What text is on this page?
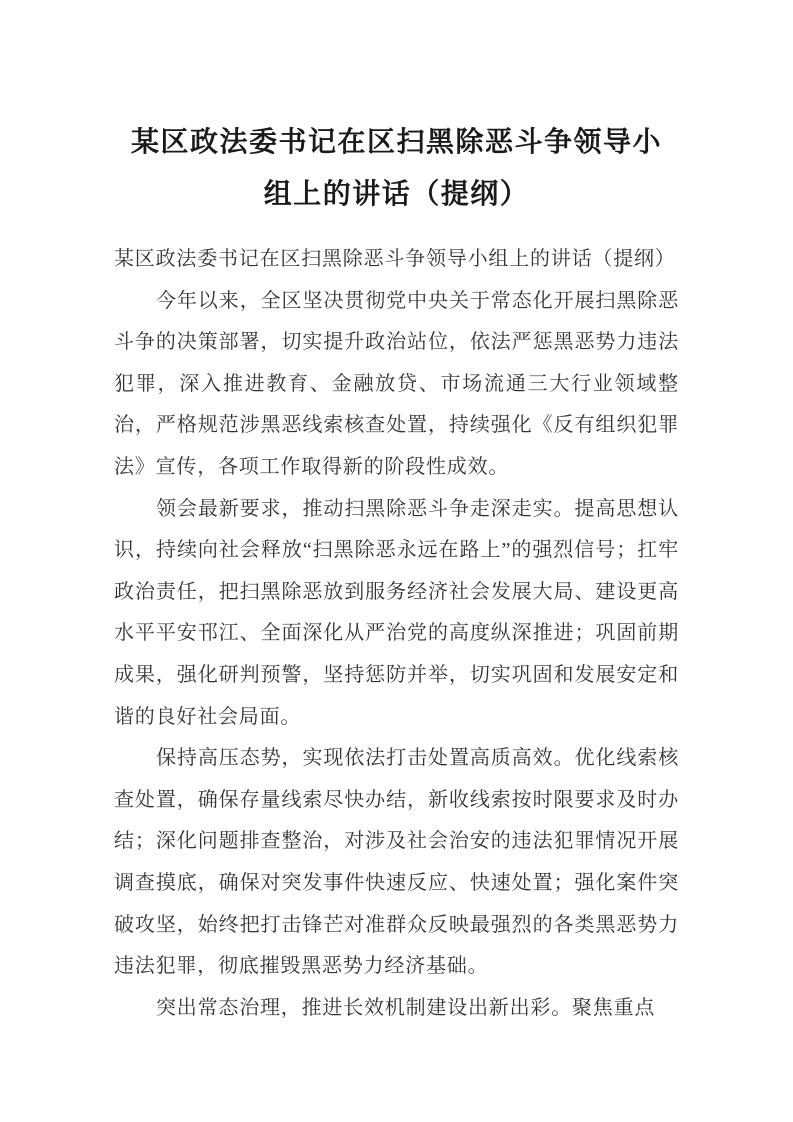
某区政法委书记在区扫黑除恶斗争领导小
组上的讲话（提纲）

某区政法委书记在区扫黑除恶斗争领导小组上的讲话（提纲）

今年以来，全区坚决贯彻党中央关于常态化开展扫黑除恶斗争的决策部署，切实提升政治站位，依法严惩黑恶势力违法犯罪，深入推进教育、金融放贷、市场流通三大行业领域整治，严格规范涉黑恶线索核查处置，持续强化《反有组织犯罪法》宣传，各项工作取得新的阶段性成效。

领会最新要求，推动扫黑除恶斗争走深走实。提高思想认识，持续向社会释放“扫黑除恶永远在路上”的强烈信号；扛牢政治责任，把扫黑除恶放到服务经济社会发展大局、建设更高水平平安邗江、全面深化从严治党的高度纵深推进；巩固前期成果，强化研判预警，坚持惩防并举，切实巩固和发展安定和谐的良好社会局面。

保持高压态势，实现依法打击处置高质高效。优化线索核查处置，确保存量线索尽快办结，新收线索按时限要求及时办结；深化问题排查整治，对涉及社会治安的违法犯罪情况开展调查摸底，确保对突发事件快速反应、快速处置；强化案件突破攻坚，始终把打击锋芒对准群众反映最强烈的各类黑恶势力违法犯罪，彻底摧毁黑恶势力经济基础。

突出常态治理，推进长效机制建设出新出彩。聚焦重点
